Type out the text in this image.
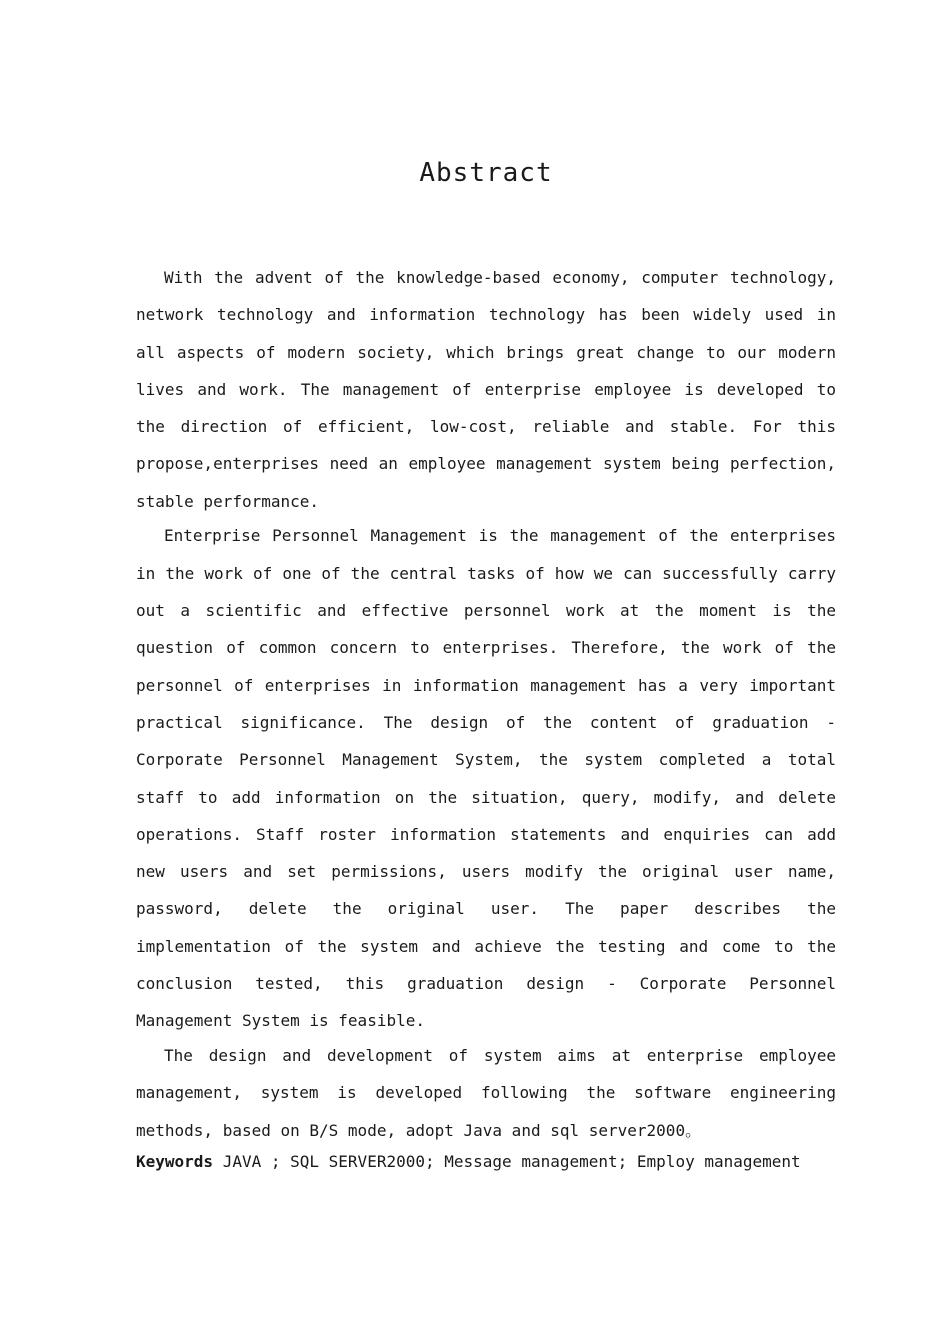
Abstract

With the advent of the knowledge-based economy, computer technology, network technology and information technology has been widely used in all aspects of modern society, which brings great change to our modern lives and work. The management of enterprise employee is developed to the direction of efficient, low-cost, reliable and stable. For this propose,enterprises need an employee management system being perfection, stable performance.

Enterprise Personnel Management is the management of the enterprises in the work of one of the central tasks of how we can successfully carry out a scientific and effective personnel work at the moment is the question of common concern to enterprises. Therefore, the work of the personnel of enterprises in information management has a very important practical significance. The design of the content of graduation - Corporate Personnel Management System, the system completed a total staff to add information on the situation, query, modify, and delete operations. Staff roster information statements and enquiries can add new users and set permissions, users modify the original user name, password, delete the original user. The paper describes the implementation of the system and achieve the testing and come to the conclusion tested, this graduation design - Corporate Personnel Management System is feasible.

The design and development of system aims at enterprise employee management, system is developed following the software engineering methods, based on B/S mode, adopt Java and sql server2000。

Keywords JAVA ; SQL SERVER2000; Message management; Employ management
